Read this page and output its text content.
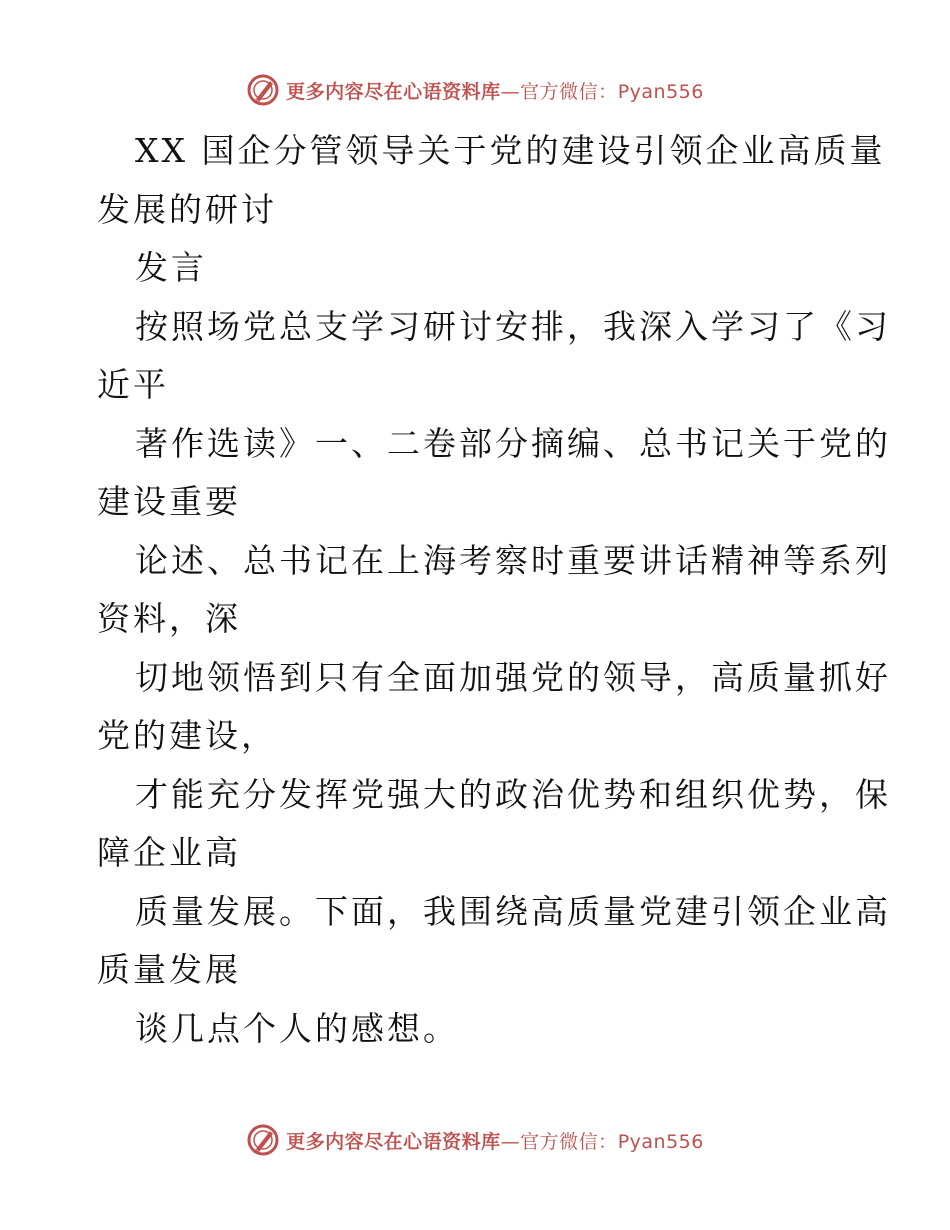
更多内容尽在心语资料库—官方微信：Pyan556
XX 国企分管领导关于党的建设引领企业高质量
发展的研讨
发言
按照场党总支学习研讨安排，我深入学习了《习
近平
著作选读》一、二卷部分摘编、总书记关于党的
建设重要
论述、总书记在上海考察时重要讲话精神等系列
资料，深
切地领悟到只有全面加强党的领导，高质量抓好
党的建设，
才能充分发挥党强大的政治优势和组织优势，保
障企业高
质量发展。下面，我围绕高质量党建引领企业高
质量发展
谈几点个人的感想。
更多内容尽在心语资料库—官方微信：Pyan556
